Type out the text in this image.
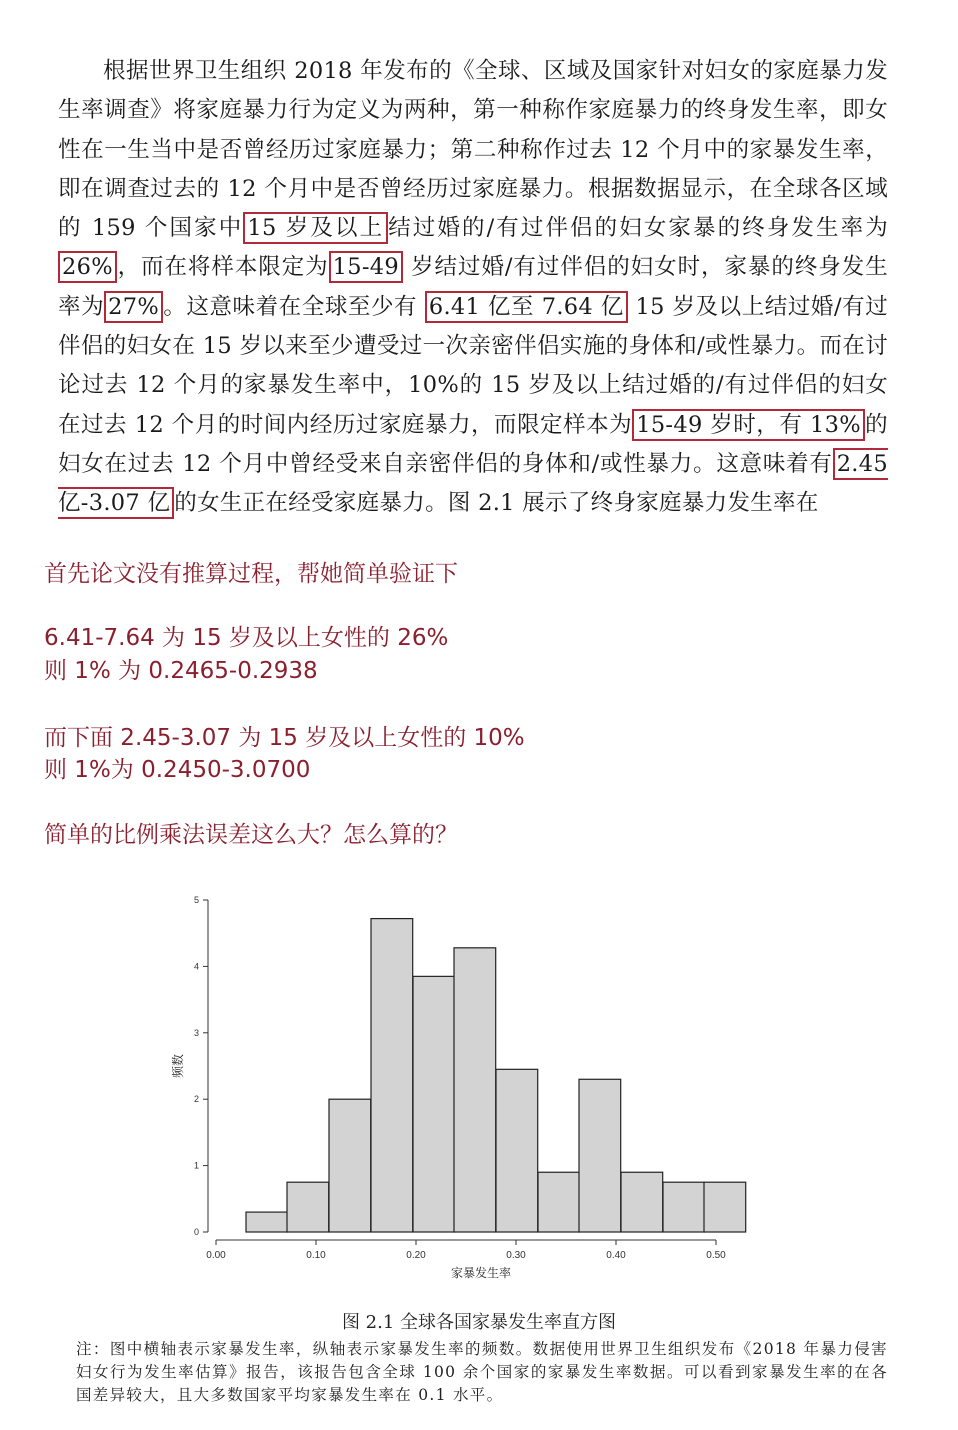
根据世界卫生组织 2018 年发布的《全球、区域及国家针对妇女的家庭暴力发生率调查》将家庭暴力行为定义为两种，第一种称作家庭暴力的终身发生率，即女性在一生当中是否曾经历过家庭暴力；第二种称作过去 12 个月中的家暴发生率，即在调查过去的 12 个月中是否曾经历过家庭暴力。根据数据显示，在全球各区域的 159 个国家中 15 岁及以上 结过婚的/有过伴侣的妇女家暴的终身发生率为26% ，而在将样本限定为 15-49 岁结过婚/有过伴侣的妇女时，家暴的终身发生率为 27% 。这意味着在全球至少有 6.41 亿至 7.64 亿 15 岁及以上结过婚/有过伴侣的妇女在 15 岁以来至少遭受过一次亲密伴侣实施的身体和/或性暴力。而在讨论过去 12 个月的家暴发生率中，10%的 15 岁及以上结过婚的/有过伴侣的妇女在过去 12 个月的时间内经历过家庭暴力，而限定样本为 15-49 岁时，有 13% 的妇女在过去 12 个月中曾经受来自亲密伴侣的身体和/或性暴力。这意味着有 2.45 亿-3.07 亿 的女生正在经受家庭暴力。图 2.1 展示了终身家庭暴力发生率在

首先论文没有推算过程，帮她简单验证下
6.41-7.64 为 15 岁及以上女性的 26%
则 1% 为 0.2465-0.2938
而下面 2.45-3.07 为 15 岁及以上女性的 10%
则 1%为 0.2450-3.0700
简单的比例乘法误差这么大？怎么算的？
0
1
2
3
4
5
0.00	0.10	0.20	0.30	0.40	0.50
家暴发生率
频数
图 2.1 全球各国家暴发生率直方图
注：图中横轴表示家暴发生率，纵轴表示家暴发生率的频数。数据使用世界卫生组织发布《2018 年暴力侵害妇女行为发生率估算》报告，该报告包含全球 100 余个国家的家暴发生率数据。可以看到家暴发生率的在各国差异较大，且大多数国家平均家暴发生率在 0.1 水平。
